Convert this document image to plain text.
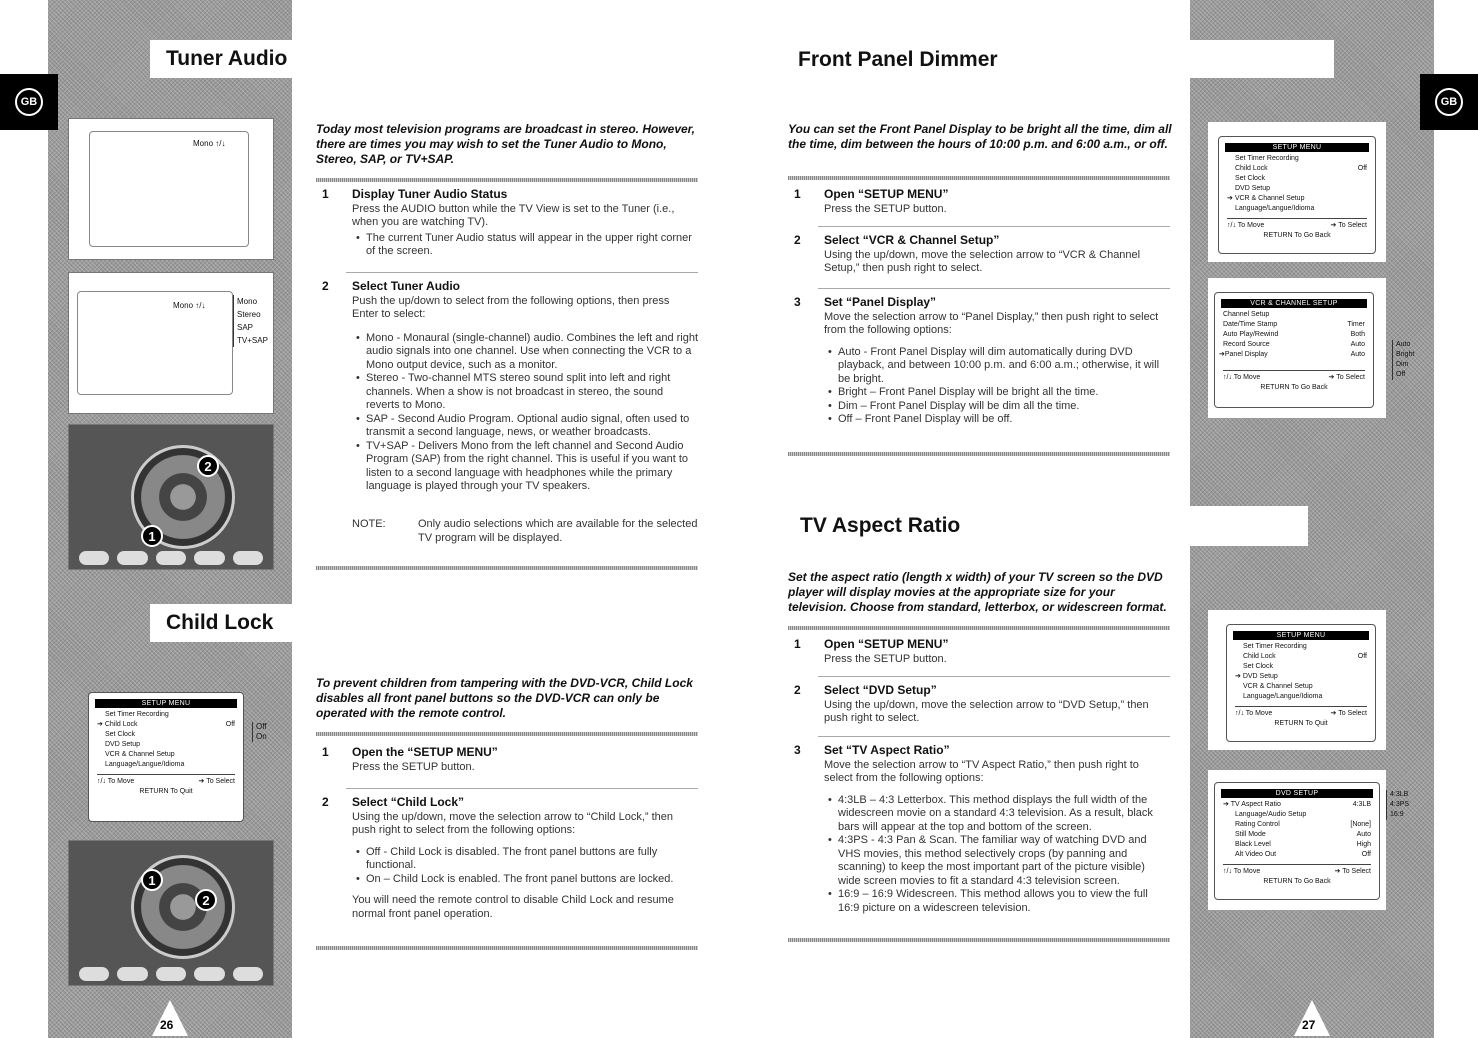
GB	GB
Tuner Audio
Child Lock
Front Panel Dimmer
TV Aspect Ratio
Mono ↑/↓
Mono ↑/↓	Mono
Stereo
SAP
TV+SAP
2
1
SETUP MENU
Set Timer Recording
➔ Child Lock	Off
Set Clock
DVD Setup
VCR & Channel Setup
Language/Langue/Idioma
↑/↓ To Move	➔ To Select
RETURN To Quit
Off
On
2
1
26	27
Today most television programs are broadcast in stereo. However, there are times you may wish to set the Tuner Audio to Mono, Stereo, SAP, or TV+SAP.
1 Display Tuner Audio Status
Press the AUDIO button while the TV View is set to the Tuner (i.e., when you are watching TV).
• The current Tuner Audio status will appear in the upper right corner of the screen.
2 Select Tuner Audio
Push the up/down to select from the following options, then press Enter to select:
• Mono - Monaural (single-channel) audio. Combines the left and right audio signals into one channel. Use when connecting the VCR to a Mono output device, such as a monitor.
• Stereo - Two-channel MTS stereo sound split into left and right channels. When a show is not broadcast in stereo, the sound reverts to Mono.
• SAP - Second Audio Program. Optional audio signal, often used to transmit a second language, news, or weather broadcasts.
• TV+SAP - Delivers Mono from the left channel and Second Audio Program (SAP) from the right channel. This is useful if you want to listen to a second language with headphones while the primary language is played through your TV speakers.
NOTE:	Only audio selections which are available for the selected TV program will be displayed.
To prevent children from tampering with the DVD-VCR, Child Lock disables all front panel buttons so the DVD-VCR can only be operated with the remote control.
1 Open the “SETUP MENU”
Press the SETUP button.
2 Select “Child Lock”
Using the up/down, move the selection arrow to “Child Lock,” then push right to select from the following options:
• Off - Child Lock is disabled. The front panel buttons are fully functional.
• On – Child Lock is enabled. The front panel buttons are locked.
You will need the remote control to disable Child Lock and resume normal front panel operation.
You can set the Front Panel Display to be bright all the time, dim all the time, dim between the hours of 10:00 p.m. and 6:00 a.m., or off.
1 Open “SETUP MENU”
Press the SETUP button.
2 Select “VCR & Channel Setup”
Using the up/down, move the selection arrow to “VCR & Channel Setup,” then push right to select.
3 Set “Panel Display”
Move the selection arrow to “Panel Display,” then push right to select from the following options:
• Auto - Front Panel Display will dim automatically during DVD playback, and between 10:00 p.m. and 6:00 a.m.; otherwise, it will be bright.
• Bright – Front Panel Display will be bright all the time.
• Dim – Front Panel Display will be dim all the time.
• Off – Front Panel Display will be off.
Set the aspect ratio (length x width) of your TV screen so the DVD player will display movies at the appropriate size for your television. Choose from standard, letterbox, or widescreen format.
1 Open “SETUP MENU”
Press the SETUP button.
2 Select “DVD Setup”
Using the up/down, move the selection arrow to “DVD Setup,” then push right to select.
3 Set “TV Aspect Ratio”
Move the selection arrow to “TV Aspect Ratio,” then push right to select from the following options:
• 4:3LB – 4:3 Letterbox. This method displays the full width of the widescreen movie on a standard 4:3 television. As a result, black bars will appear at the top and bottom of the screen.
• 4:3PS - 4:3 Pan & Scan. The familiar way of watching DVD and VHS movies, this method selectively crops (by panning and scanning) to keep the most important part of the picture visible) wide screen movies to fit a standard 4:3 television screen.
• 16:9 – 16:9 Widescreen. This method allows you to view the full 16:9 picture on a widescreen television.
SETUP MENU
Set Timer Recording
Child Lock	Off
Set Clock
DVD Setup
➔ VCR & Channel Setup
Language/Langue/Idioma
↑/↓ To Move	➔ To Select
RETURN To Go Back
VCR & CHANNEL SETUP
Channel Setup
Date/Time Stamp	Timer
Auto Play/Rewind	Both
Record Source	Auto
➔Panel Display	Auto
↑/↓ To Move	➔ To Select
RETURN To Go Back
Auto
Bright
Dim
Off
SETUP MENU
Set Timer Recording
Child Lock	Off
Set Clock
➔ DVD Setup
VCR & Channel Setup
Language/Langue/Idioma
↑/↓ To Move	➔ To Select
RETURN To Quit
DVD SETUP
➔ TV Aspect Ratio	4:3LB
Language/Audio Setup
Rating Control	[None]
Still Mode	Auto
Black Level	High
Alt Video Out	Off
↑/↓ To Move	➔ To Select
RETURN To Go Back
4:3LB
4:3PS
16:9
